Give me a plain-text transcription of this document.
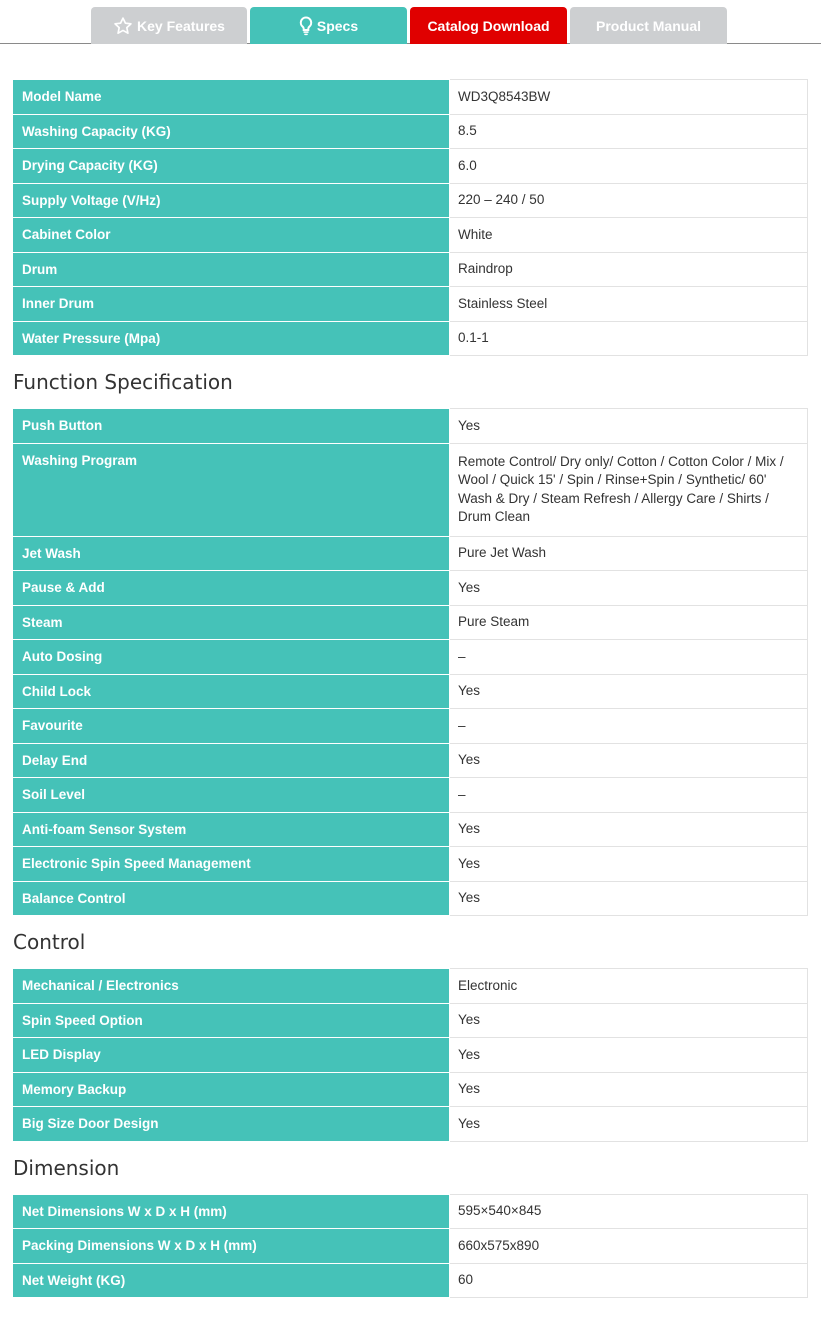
Key Features	Specs	Catalog Download	Product Manual
Model Name	WD3Q8543BW
Washing Capacity (KG)	8.5
Drying Capacity (KG)	6.0
Supply Voltage (V/Hz)	220 – 240 / 50
Cabinet Color	White
Drum	Raindrop
Inner Drum	Stainless Steel
Water Pressure (Mpa)	0.1-1
Function Specification
Push Button	Yes
Washing Program	Remote Control/ Dry only/ Cotton / Cotton Color / Mix / Wool / Quick 15' / Spin / Rinse+Spin / Synthetic/ 60' Wash & Dry / Steam Refresh / Allergy Care / Shirts / Drum Clean
Jet Wash	Pure Jet Wash
Pause & Add	Yes
Steam	Pure Steam
Auto Dosing	–
Child Lock	Yes
Favourite	–
Delay End	Yes
Soil Level	–
Anti-foam Sensor System	Yes
Electronic Spin Speed Management	Yes
Balance Control	Yes
Control
Mechanical / Electronics	Electronic
Spin Speed Option	Yes
LED Display	Yes
Memory Backup	Yes
Big Size Door Design	Yes
Dimension
Net Dimensions W x D x H (mm)	595×540×845
Packing Dimensions W x D x H (mm)	660x575x890
Net Weight (KG)	60
